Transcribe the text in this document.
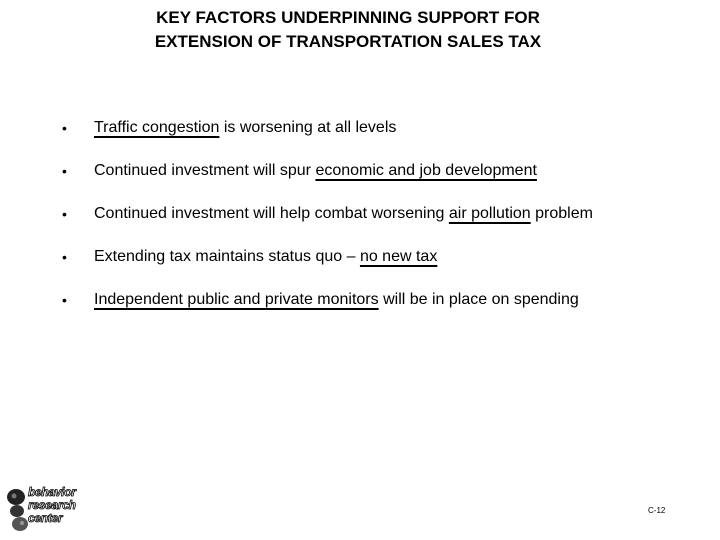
KEY FACTORS UNDERPINNING SUPPORT FOR
EXTENSION OF TRANSPORTATION SALES TAX
• Traffic congestion is worsening at all levels
• Continued investment will spur economic and job development
• Continued investment will help combat worsening air pollution problem
• Extending tax maintains status quo – no new tax
• Independent public and private monitors will be in place on spending
behavior
research
center
C-12
